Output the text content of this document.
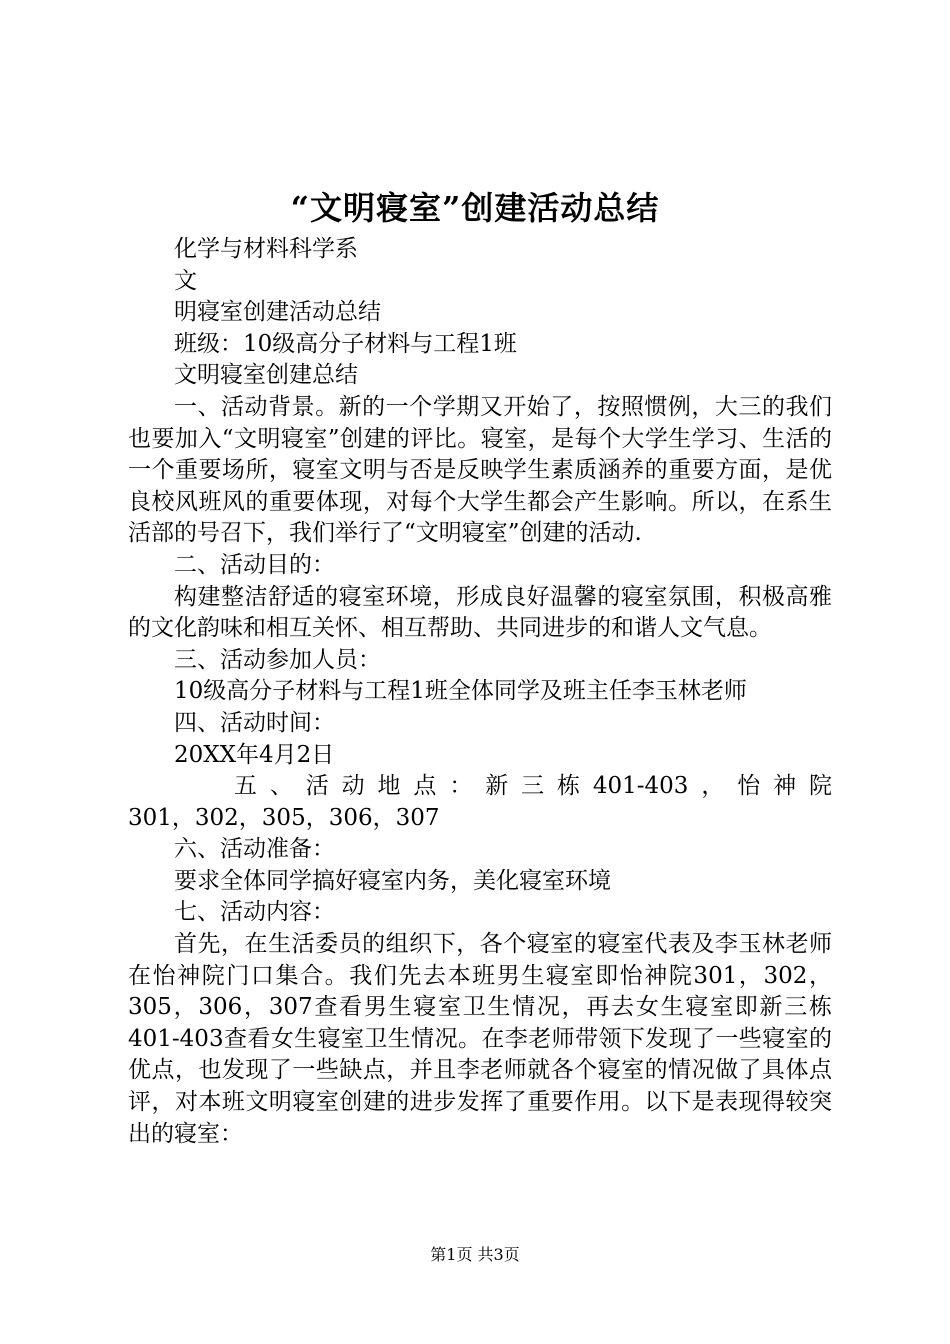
“文明寝室”创建活动总结

化学与材料科学系

文

明寝室创建活动总结

班级：10级高分子材料与工程1班

文明寝室创建总结

一、活动背景。新的一个学期又开始了，按照惯例，大三的我们也要加入“文明寝室”创建的评比。寝室，是每个大学生学习、生活的一个重要场所，寝室文明与否是反映学生素质涵养的重要方面，是优良校风班风的重要体现，对每个大学生都会产生影响。所以，在系生活部的号召下，我们举行了“文明寝室”创建的活动.

二、活动目的：

构建整洁舒适的寝室环境，形成良好温馨的寝室氛围，积极高雅的文化韵味和相互关怀、相互帮助、共同进步的和谐人文气息。

三、活动参加人员：

10级高分子材料与工程1班全体同学及班主任李玉林老师

四、活动时间：

20XX年4月2日

五、活动地点：新三栋401-403，怡神院
301，302，305，306，307

六、活动准备：

要求全体同学搞好寝室内务，美化寝室环境

七、活动内容：

首先，在生活委员的组织下，各个寝室的寝室代表及李玉林老师在怡神院门口集合。我们先去本班男生寝室即怡神院301，302，305，306，307查看男生寝室卫生情况，再去女生寝室即新三栋401-403查看女生寝室卫生情况。在李老师带领下发现了一些寝室的优点，也发现了一些缺点，并且李老师就各个寝室的情况做了具体点评，对本班文明寝室创建的进步发挥了重要作用。以下是表现得较突出的寝室：

第1页 共3页
